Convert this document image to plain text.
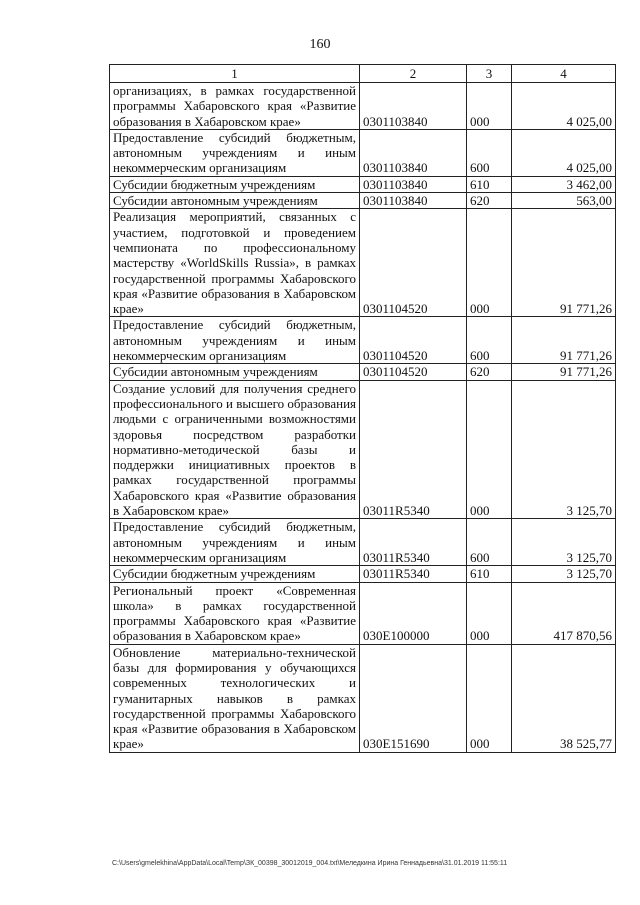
160
1	2	3	4
организациях, в рамках государственной программы Хабаровского края «Развитие образования в Хабаровском крае»	0301103840	000	4 025,00
Предоставление субсидий бюджетным, автономным учреждениям и иным некоммерческим организациям	0301103840	600	4 025,00
Субсидии бюджетным учреждениям	0301103840	610	3 462,00
Субсидии автономным учреждениям	0301103840	620	563,00
Реализация мероприятий, связанных с участием, подготовкой и проведением чемпионата по профессиональному мастерству «WorldSkills Russia», в рамках государственной программы Хабаровского края «Развитие образования в Хабаровском крае»	0301104520	000	91 771,26
Предоставление субсидий бюджетным, автономным учреждениям и иным некоммерческим организациям	0301104520	600	91 771,26
Субсидии автономным учреждениям	0301104520	620	91 771,26
Создание условий для получения среднего профессионального и высшего образования людьми с ограниченными возможностями здоровья посредством разработки нормативно-методической базы и поддержки инициативных проектов в рамках государственной программы Хабаровского края «Развитие образования в Хабаровском крае»	03011R5340	000	3 125,70
Предоставление субсидий бюджетным, автономным учреждениям и иным некоммерческим организациям	03011R5340	600	3 125,70
Субсидии бюджетным учреждениям	03011R5340	610	3 125,70
Региональный проект «Современная школа» в рамках государственной программы Хабаровского края «Развитие образования в Хабаровском крае»	030E100000	000	417 870,56
Обновление материально-технической базы для формирования у обучающихся современных технологических и гуманитарных навыков в рамках государственной программы Хабаровского края «Развитие образования в Хабаровском крае»	030E151690	000	38 525,77
C:\Users\gmelekhina\AppData\Local\Temp\ЗК_00398_30012019_004.txt\Меледкина Ирина Геннадьевна\31.01.2019 11:55:11
